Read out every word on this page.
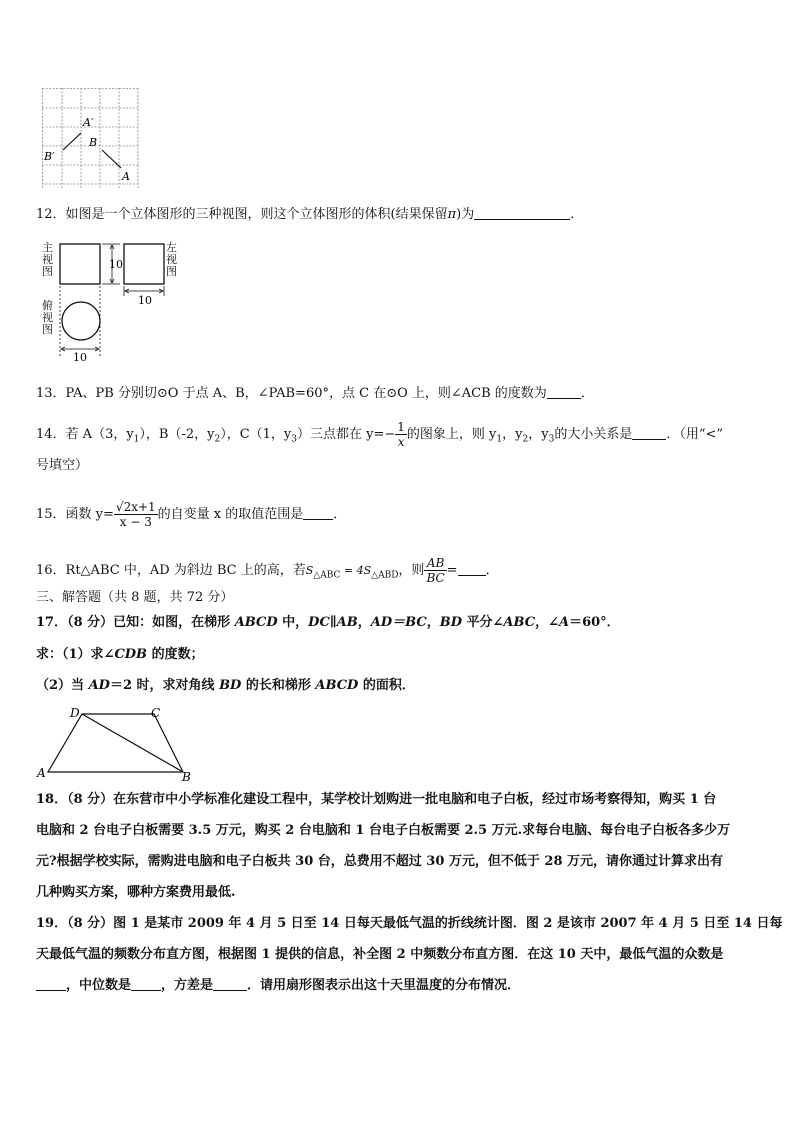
A′
B′
B
A
12．如图是一个立体图形的三种视图，则这个立体图形的体积(结果保留π)为	．
10
10
10
主视图
左视图
俯视图
13．PA、PB 分别切⊙O 于点 A、B，∠PAB=60°，点 C 在⊙O 上，则∠ACB 的度数为	．
14．若 A（3，$y_1$），B（-2，$y_2$），C（1，$y_3$）三点都在 $y=- \frac{1}{x}$ 的图象上，则 $y_1$，$y_2$，$y_3$的大小关系是	．（用“<”
号填空）
15．函数 $y= \frac{√2x+1}{x - 3}$ 的自变量 x 的取值范围是 ．
16．Rt△ABC 中，AD 为斜边 BC 上的高，若$S_{\triangle ABC} = 4S_{\triangle ABD}$，则 $\frac{AB}{BC}$ = ．
三、解答题（共 8 题，共 72 分）
17．（8 分）已知：如图，在梯形 ABCD 中，DC∥AB，AD＝BC，BD 平分∠ABC，∠A＝60°．
求：（1）求∠CDB 的度数；
（2）当 AD＝2 时，求对角线 BD 的长和梯形 ABCD 的面积．
D	C
A	B
18．（8 分）在东营市中小学标准化建设工程中，某学校计划购进一批电脑和电子白板，经过市场考察得知，购买 1 台
电脑和 2 台电子白板需要 3.5 万元，购买 2 台电脑和 1 台电子白板需要 2.5 万元.求每台电脑、每台电子白板各多少万
元?根据学校实际，需购进电脑和电子白板共 30 台，总费用不超过 30 万元，但不低于 28 万元，请你通过计算求出有
几种购买方案，哪种方案费用最低.
19．（8 分）图 1 是某市 2009 年 4 月 5 日至 14 日每天最低气温的折线统计图．图 2 是该市 2007 年 4 月 5 日至 14 日每
天最低气温的频数分布直方图，根据图 1 提供的信息，补全图 2 中频数分布直方图．在这 10 天中，最低气温的众数是
，中位数是 ，方差是	．请用扇形图表示出这十天里温度的分布情况．
